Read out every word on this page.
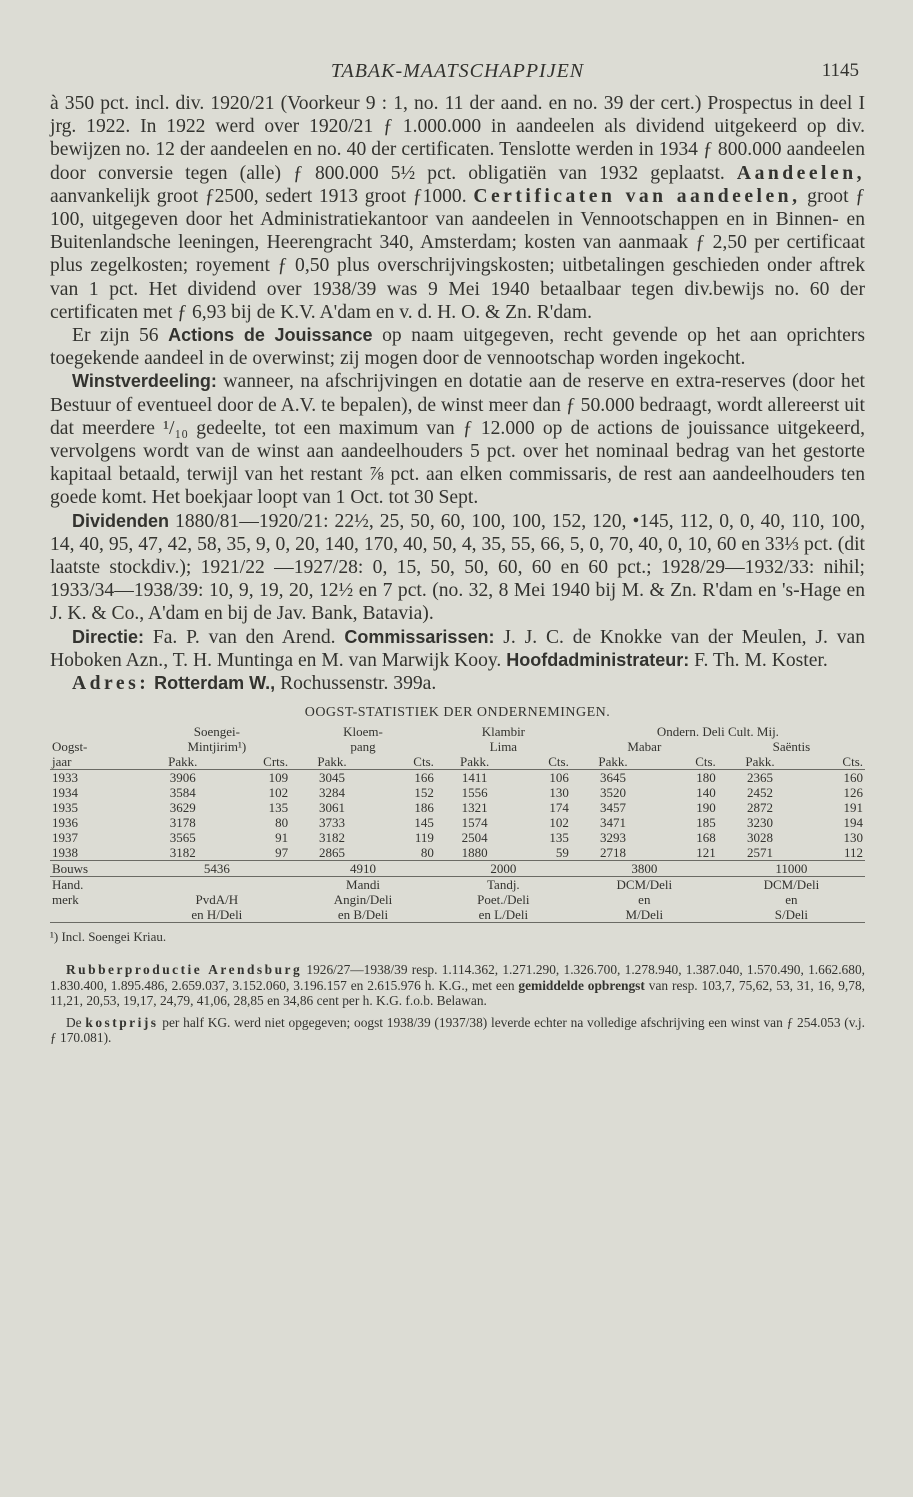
TABAK-MAATSCHAPPIJEN	1145

à 350 pct. incl. div. 1920/21 (Voorkeur 9 : 1, no. 11 der aand. en no. 39 der cert.) Prospectus in deel I jrg. 1922. In 1922 werd over 1920/21 ƒ 1.000.000 in aandeelen als dividend uitgekeerd op div. bewijzen no. 12 der aandeelen en no. 40 der certificaten. Tenslotte werden in 1934 ƒ 800.000 aandeelen door conversie tegen (alle) ƒ 800.000 5½ pct. obligatiën van 1932 geplaatst. Aandeelen, aanvankelijk groot ƒ2500, sedert 1913 groot ƒ1000. Certificaten van aandeelen, groot ƒ 100, uitgegeven door het Administratiekantoor van aandeelen in Vennootschappen en in Binnen- en Buitenlandsche leeningen, Heerengracht 340, Amsterdam; kosten van aanmaak ƒ 2,50 per certificaat plus zegelkosten; royement ƒ 0,50 plus overschrijvingskosten; uitbetalingen geschieden onder aftrek van 1 pct. Het dividend over 1938/39 was 9 Mei 1940 betaalbaar tegen div.bewijs no. 60 der certificaten met ƒ 6,93 bij de K.V. A'dam en v. d. H. O. & Zn. R'dam.

Er zijn 56 Actions de Jouissance op naam uitgegeven, recht gevende op het aan oprichters toegekende aandeel in de overwinst; zij mogen door de vennootschap worden ingekocht.

Winstverdeeling: wanneer, na afschrijvingen en dotatie aan de reserve en extra-reserves (door het Bestuur of eventueel door de A.V. te bepalen), de winst meer dan ƒ 50.000 bedraagt, wordt allereerst uit dat meerdere ¹/₁₀ gedeelte, tot een maximum van ƒ 12.000 op de actions de jouissance uitgekeerd, vervolgens wordt van de winst aan aandeelhouders 5 pct. over het nominaal bedrag van het gestorte kapitaal betaald, terwijl van het restant ⅞ pct. aan elken commissaris, de rest aan aandeelhouders ten goede komt. Het boekjaar loopt van 1 Oct. tot 30 Sept.

Dividenden 1880/81—1920/21: 22½, 25, 50, 60, 100, 100, 152, 120, •145, 112, 0, 0, 40, 110, 100, 14, 40, 95, 47, 42, 58, 35, 9, 0, 20, 140, 170, 40, 50, 4, 35, 55, 66, 5, 0, 70, 40, 0, 10, 60 en 33⅓ pct. (dit laatste stockdiv.); 1921/22 —1927/28: 0, 15, 50, 50, 60, 60 en 60 pct.; 1928/29—1932/33: nihil; 1933/34—1938/39: 10, 9, 19, 20, 12½ en 7 pct. (no. 32, 8 Mei 1940 bij M. & Zn. R'dam en 's-Hage en J. K. & Co., A'dam en bij de Jav. Bank, Batavia).

Directie: Fa. P. van den Arend. Commissarissen: J. J. C. de Knokke van der Meulen, J. van Hoboken Azn., T. H. Muntinga en M. van Marwijk Kooy. Hoofdadministrateur: F. Th. M. Koster.

Adres: Rotterdam W., Rochussenstr. 399a.

OOGST-STATISTIEK DER ONDERNEMINGEN.
	Soengei-		Kloem-		Klambir		Ondern. Deli Cult. Mij.			
Oogst-	Mintjirim¹)		pang		Lima		Mabar		Saëntis	
jaar	Pakk.	Crts.	Pakk.	Cts.	Pakk.	Cts.	Pakk.	Cts.	Pakk.	Cts.
1933	3906	109	3045	166	1411	106	3645	180	2365	160
1934	3584	102	3284	152	1556	130	3520	140	2452	126
1935	3629	135	3061	186	1321	174	3457	190	2872	191
1936	3178	80	3733	145	1574	102	3471	185	3230	194
1937	3565	91	3182	119	2504	135	3293	168	3028	130
1938	3182	97	2865	80	1880	59	2718	121	2571	112
Bouws	5436		4910		2000		3800		11000	
Hand.			Mandi		Tandj.		DCM/Deli		DCM/Deli	
merk	PvdA/H		Angin/Deli		Poet./Deli		en		en	
	en H/Deli		en B/Deli		en L/Deli		M/Deli		S/Deli	
¹) Incl. Soengei Kriau.

Rubberproductie Arendsburg 1926/27—1938/39 resp. 1.114.362, 1.271.290, 1.326.700, 1.278.940, 1.387.040, 1.570.490, 1.662.680, 1.830.400, 1.895.486, 2.659.037, 3.152.060, 3.196.157 en 2.615.976 h. K.G., met een gemiddelde opbrengst van resp. 103,7, 75,62, 53, 31, 16, 9,78, 11,21, 20,53, 19,17, 24,79, 41,06, 28,85 en 34,86 cent per h. K.G. f.o.b. Belawan.

De kostprijs per half KG. werd niet opgegeven; oogst 1938/39 (1937/38) leverde echter na volledige afschrijving een winst van ƒ 254.053 (v.j. ƒ 170.081).
